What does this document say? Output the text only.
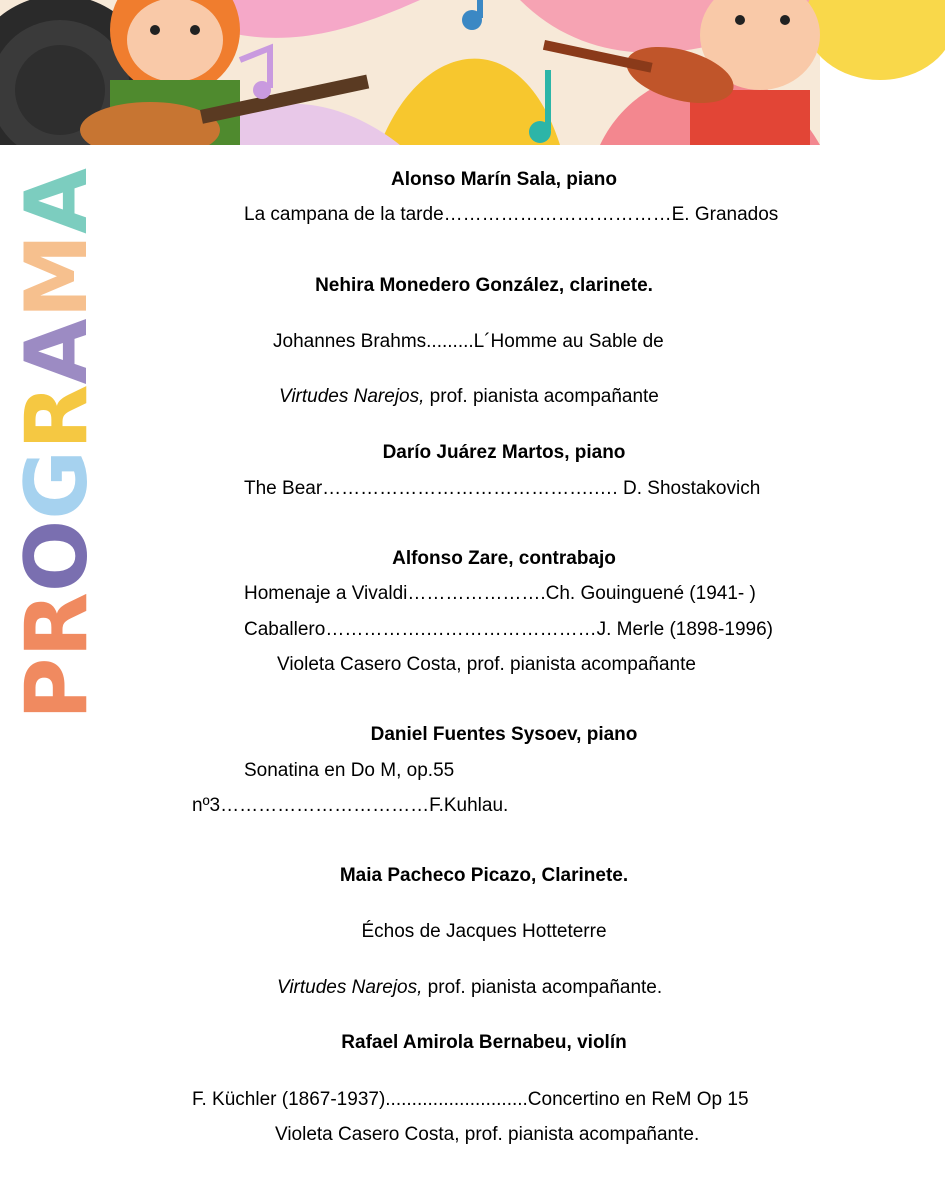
PROGRAMA	Alonso Marín Sala, piano
La campana de la tarde………………………………E. Granados
Nehira Monedero González, clarinete.
Johannes Brahms.........L´Homme au Sable de
Virtudes Narejos, prof. pianista acompañante
Darío Juárez Martos, piano
The Bear…………………………………….…. D. Shostakovich
Alfonso Zare, contrabajo
Homenaje a Vivaldi………………….Ch. Gouinguené (1941- )
Caballero…………….………………………J. Merle (1898-1996)
Violeta Casero Costa, prof. pianista acompañante
Daniel Fuentes Sysoev, piano
Sonatina en Do M, op.55
nº3……………………………F.Kuhlau.
Maia Pacheco Picazo, Clarinete.
Échos de Jacques Hotteterre
Virtudes Narejos, prof. pianista acompañante.
Rafael Amirola Bernabeu, violín
F. Küchler (1867-1937)...........................Concertino en ReM Op 15
Violeta Casero Costa, prof. pianista acompañante.
